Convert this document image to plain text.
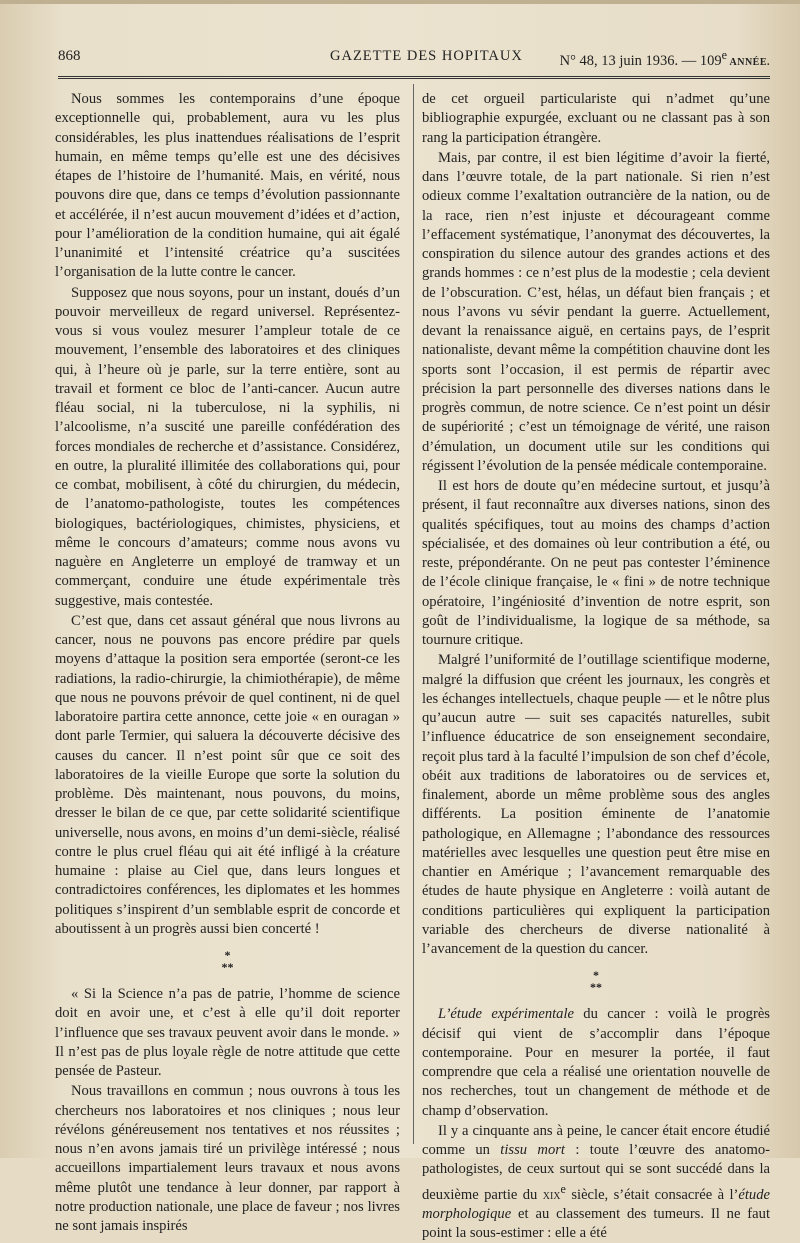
868	GAZETTE DES HOPITAUX	N° 48, 13 juin 1936. — 109e ANNÉE.

Nous sommes les contemporains d’une époque exceptionnelle qui, probablement, aura vu les plus considérables, les plus inattendues réalisations de l’esprit humain, en même temps qu’elle est une des décisives étapes de l’histoire de l’humanité. Mais, en vérité, nous pouvons dire que, dans ce temps d’évolution passionnante et accélérée, il n’est aucun mouvement d’idées et d’action, pour l’amélioration de la condition humaine, qui ait égalé l’unanimité et l’intensité créatrice qu’a suscitées l’organisation de la lutte contre le cancer.

Supposez que nous soyons, pour un instant, doués d’un pouvoir merveilleux de regard universel. Représentez-vous si vous voulez mesurer l’ampleur totale de ce mouvement, l’ensemble des laboratoires et des cliniques qui, à l’heure où je parle, sur la terre entière, sont au travail et forment ce bloc de l’anti-cancer. Aucun autre fléau social, ni la tuberculose, ni la syphilis, ni l’alcoolisme, n’a suscité une pareille confédération des forces mondiales de recherche et d’assistance. Considérez, en outre, la pluralité illimitée des collaborations qui, pour ce combat, mobilisent, à côté du chirurgien, du médecin, de l’anatomo-pathologiste, toutes les compétences biologiques, bactériologiques, chimistes, physiciens, et même le concours d’amateurs; comme nous avons vu naguère en Angleterre un employé de tramway et un commerçant, conduire une étude expérimentale très suggestive, mais contestée.

C’est que, dans cet assaut général que nous livrons au cancer, nous ne pouvons pas encore prédire par quels moyens d’attaque la position sera emportée (seront-ce les radiations, la radio-chirurgie, la chimiothérapie), de même que nous ne pouvons prévoir de quel continent, ni de quel laboratoire partira cette annonce, cette joie « en ouragan » dont parle Termier, qui saluera la découverte décisive des causes du cancer. Il n’est point sûr que ce soit des laboratoires de la vieille Europe que sorte la solution du problème. Dès maintenant, nous pouvons, du moins, dresser le bilan de ce que, par cette solidarité scientifique universelle, nous avons, en moins d’un demi-siècle, réalisé contre le plus cruel fléau qui ait été infligé à la créature humaine : plaise au Ciel que, dans leurs longues et contradictoires conférences, les diplomates et les hommes politiques s’inspirent d’un semblable esprit de concorde et aboutissent à un progrès aussi bien concerté !

*
**

« Si la Science n’a pas de patrie, l’homme de science doit en avoir une, et c’est à elle qu’il doit reporter l’influence que ses travaux peuvent avoir dans le monde. » Il n’est pas de plus loyale règle de notre attitude que cette pensée de Pasteur.

Nous travaillons en commun ; nous ouvrons à tous les chercheurs nos laboratoires et nos cliniques ; nous leur révélons généreusement nos tentatives et nos réussites ; nous n’en avons jamais tiré un privilège intéressé ; nous accueillons impartialement leurs travaux et nous avons même plutôt une tendance à leur donner, par rapport à notre production nationale, une place de faveur ; nos livres ne sont jamais inspirés

de cet orgueil particulariste qui n’admet qu’une bibliographie expurgée, excluant ou ne classant pas à son rang la participation étrangère.

Mais, par contre, il est bien légitime d’avoir la fierté, dans l’œuvre totale, de la part nationale. Si rien n’est odieux comme l’exaltation outrancière de la nation, ou de la race, rien n’est injuste et décourageant comme l’effacement systématique, l’anonymat des découvertes, la conspiration du silence autour des grandes actions et des grands hommes : ce n’est plus de la modestie ; cela devient de l’obscuration. C’est, hélas, un défaut bien français ; et nous l’avons vu sévir pendant la guerre. Actuellement, devant la renaissance aiguë, en certains pays, de l’esprit nationaliste, devant même la compétition chauvine dont les sports sont l’occasion, il est permis de répartir avec précision la part personnelle des diverses nations dans le progrès commun, de notre science. Ce n’est point un désir de supériorité ; c’est un témoignage de vérité, une raison d’émulation, un document utile sur les conditions qui régissent l’évolution de la pensée médicale contemporaine.

Il est hors de doute qu’en médecine surtout, et jusqu’à présent, il faut reconnaître aux diverses nations, sinon des qualités spécifiques, tout au moins des champs d’action spécialisée, et des domaines où leur contribution a été, ou reste, prépondérante. On ne peut pas contester l’éminence de l’école clinique française, le « fini » de notre technique opératoire, l’ingéniosité d’invention de notre esprit, son goût de l’individualisme, la logique de sa méthode, sa tournure critique.

Malgré l’uniformité de l’outillage scientifique moderne, malgré la diffusion que créent les journaux, les congrès et les échanges intellectuels, chaque peuple — et le nôtre plus qu’aucun autre — suit ses capacités naturelles, subit l’influence éducatrice de son enseignement secondaire, reçoit plus tard à la faculté l’impulsion de son chef d’école, obéit aux traditions de laboratoires ou de services et, finalement, aborde un même problème sous des angles différents. La position éminente de l’anatomie pathologique, en Allemagne ; l’abondance des ressources matérielles avec lesquelles une question peut être mise en chantier en Amérique ; l’avancement remarquable des études de haute physique en Angleterre : voilà autant de conditions particulières qui expliquent la participation variable des chercheurs de diverse nationalité à l’avancement de la question du cancer.

*
**

L’étude expérimentale du cancer : voilà le progrès décisif qui vient de s’accomplir dans l’époque contemporaine. Pour en mesurer la portée, il faut comprendre que cela a réalisé une orientation nouvelle de nos recherches, tout un changement de méthode et de champ d’observation.

Il y a cinquante ans à peine, le cancer était encore étudié comme un tissu mort : toute l’œuvre des anatomo-pathologistes, de ceux surtout qui se sont succédé dans la deuxième partie du xix$^e$ siècle, s’était consacrée à l’étude morphologique et au classement des tumeurs. Il ne faut point la sous-estimer : elle a été
